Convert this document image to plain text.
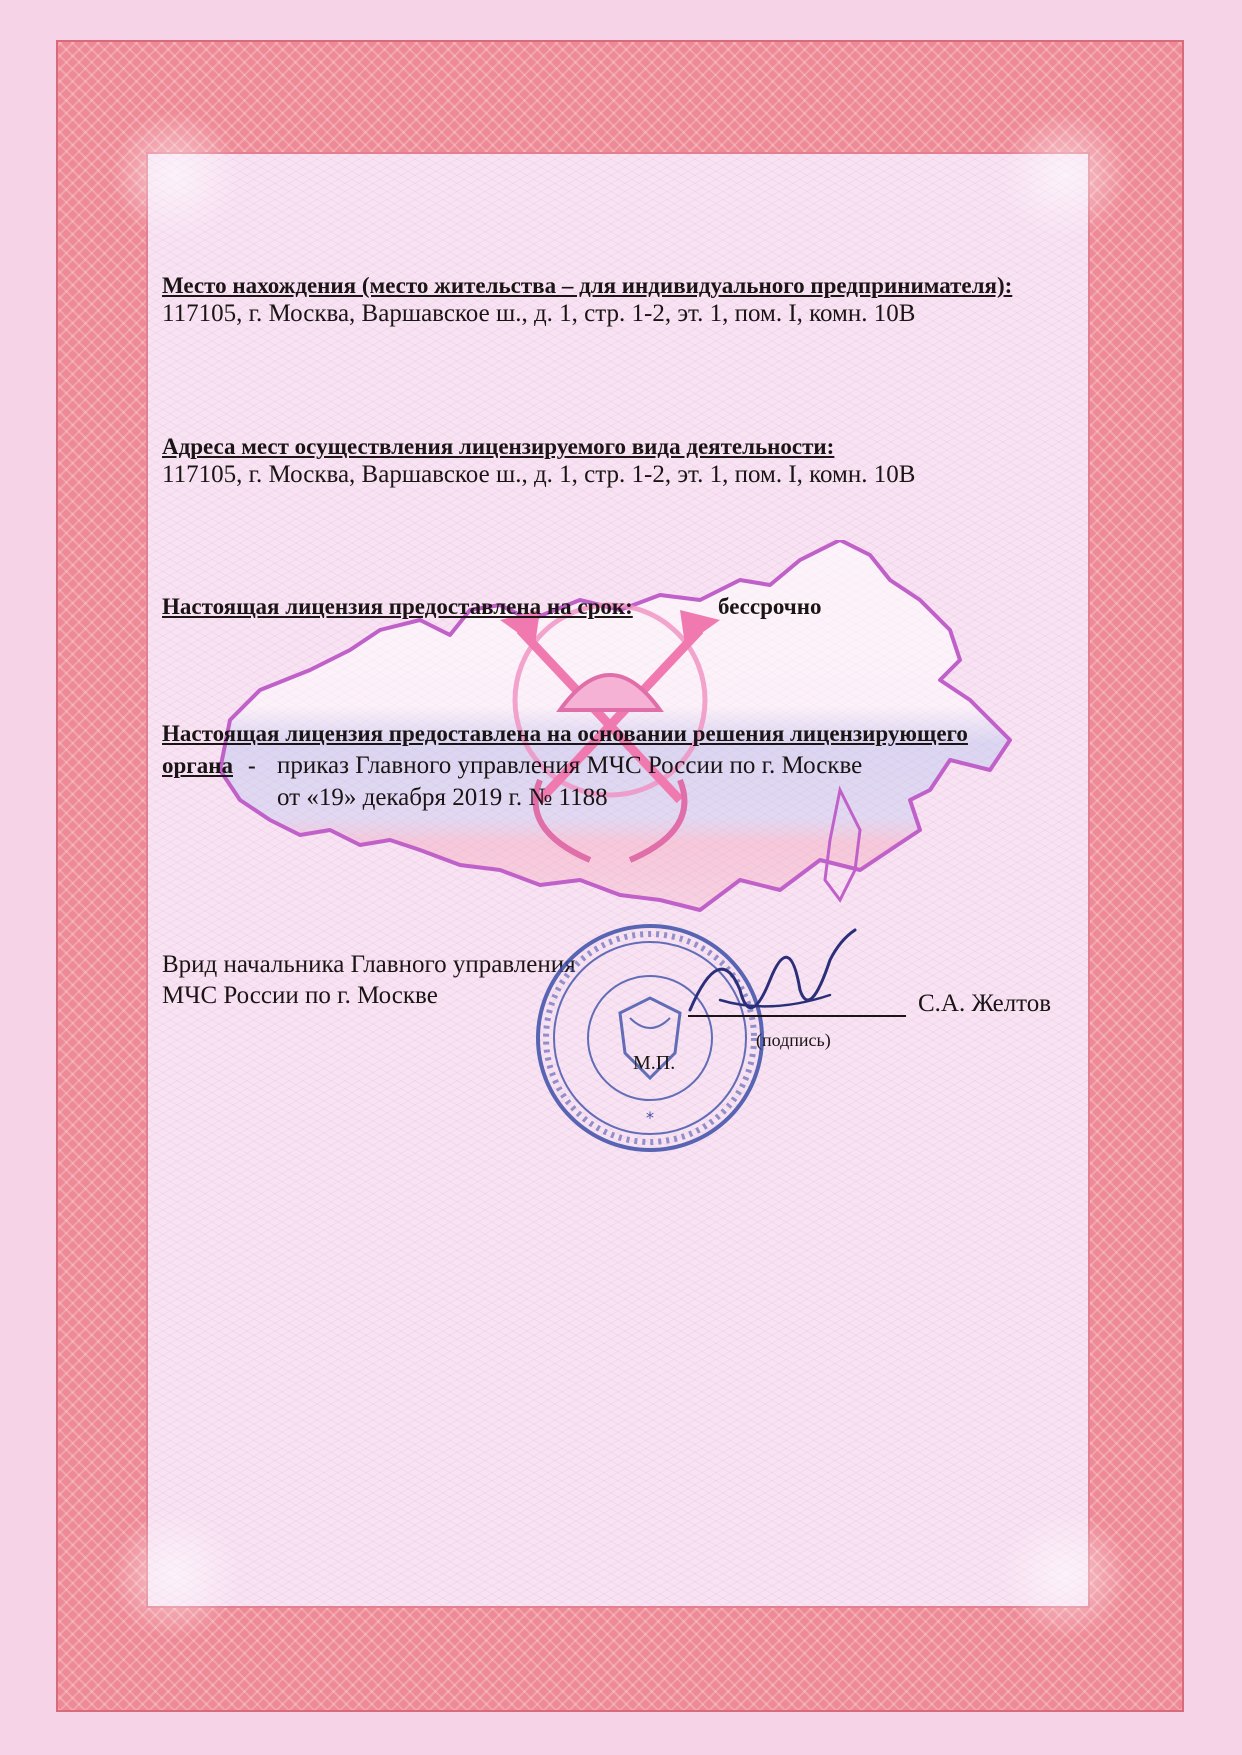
Место нахождения (место жительства – для индивидуального предпринимателя):
117105, г. Москва, Варшавское ш., д. 1, стр. 1-2, эт. 1, пом. I, комн. 10В
Адреса мест осуществления лицензируемого вида деятельности:
117105, г. Москва, Варшавское ш., д. 1, стр. 1-2, эт. 1, пом. I, комн. 10В
Настоящая лицензия предоставлена на срок:	бессрочно
Настоящая лицензия предоставлена на основании решения лицензирующего
органа - приказ Главного управления МЧС России по г. Москве
от «19» декабря 2019 г. № 1188
Врид начальника Главного управления
МЧС России по г. Москве
*
С.А. Желтов
(подпись)
М.П.
